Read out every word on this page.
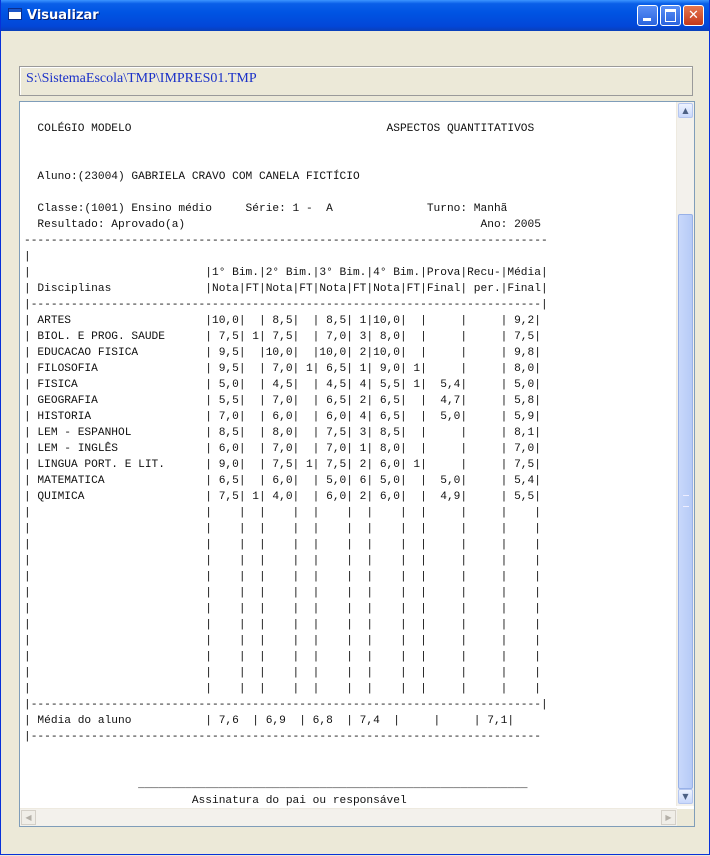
Visualizar	✕
S:\SistemaEscola\TMP\IMPRES01.TMP
COLÉGIO MODELO                                      ASPECTOS QUANTITATIVOS

Aluno:(23004) GABRIELA CRAVO COM CANELA FICTÍCIO

Classe:(1001) Ensino médio     Série: 1 -  A              Turno: Manhã
Resultado: Aprovado(a)                                            Ano: 2005
------------------------------------------------------------------------------
|
|                          |1° Bim.|2° Bim.|3° Bim.|4° Bim.|Prova|Recu-|Média|
| Disciplinas              |Nota|FT|Nota|FT|Nota|FT|Nota|FT|Final| per.|Final|
|----------------------------------------------------------------------------|
| ARTES                    |10,0|  | 8,5|  | 8,5| 1|10,0|  |     |     | 9,2|
| BIOL. E PROG. SAUDE      | 7,5| 1| 7,5|  | 7,0| 3| 8,0|  |     |     | 7,5|
| EDUCACAO FISICA          | 9,5|  |10,0|  |10,0| 2|10,0|  |     |     | 9,8|
| FILOSOFIA                | 9,5|  | 7,0| 1| 6,5| 1| 9,0| 1|     |     | 8,0|
| FISICA                   | 5,0|  | 4,5|  | 4,5| 4| 5,5| 1|  5,4|     | 5,0|
| GEOGRAFIA                | 5,5|  | 7,0|  | 6,5| 2| 6,5|  |  4,7|     | 5,8|
| HISTORIA                 | 7,0|  | 6,0|  | 6,0| 4| 6,5|  |  5,0|     | 5,9|
| LEM - ESPANHOL           | 8,5|  | 8,0|  | 7,5| 3| 8,5|  |     |     | 8,1|
| LEM - INGLÊS             | 6,0|  | 7,0|  | 7,0| 1| 8,0|  |     |     | 7,0|
| LINGUA PORT. E LIT.      | 9,0|  | 7,5| 1| 7,5| 2| 6,0| 1|     |     | 7,5|
| MATEMATICA               | 6,5|  | 6,0|  | 5,0| 6| 5,0|  |  5,0|     | 5,4|
| QUIMICA                  | 7,5| 1| 4,0|  | 6,0| 2| 6,0|  |  4,9|     | 5,5|
|                          |    |  |    |  |    |  |    |  |     |     |    |
|                          |    |  |    |  |    |  |    |  |     |     |    |
|                          |    |  |    |  |    |  |    |  |     |     |    |
|                          |    |  |    |  |    |  |    |  |     |     |    |
|                          |    |  |    |  |    |  |    |  |     |     |    |
|                          |    |  |    |  |    |  |    |  |     |     |    |
|                          |    |  |    |  |    |  |    |  |     |     |    |
|                          |    |  |    |  |    |  |    |  |     |     |    |
|                          |    |  |    |  |    |  |    |  |     |     |    |
|                          |    |  |    |  |    |  |    |  |     |     |    |
|                          |    |  |    |  |    |  |    |  |     |     |    |
|                          |    |  |    |  |    |  |    |  |     |     |    |
|----------------------------------------------------------------------------|
| Média do aluno           | 7,6  | 6,9  | 6,8  | 7,4  |     |     | 7,1|
|----------------------------------------------------------------------------

__________________________________________________________
Assinatura do pai ou responsável
▲
▼
◀	▶
